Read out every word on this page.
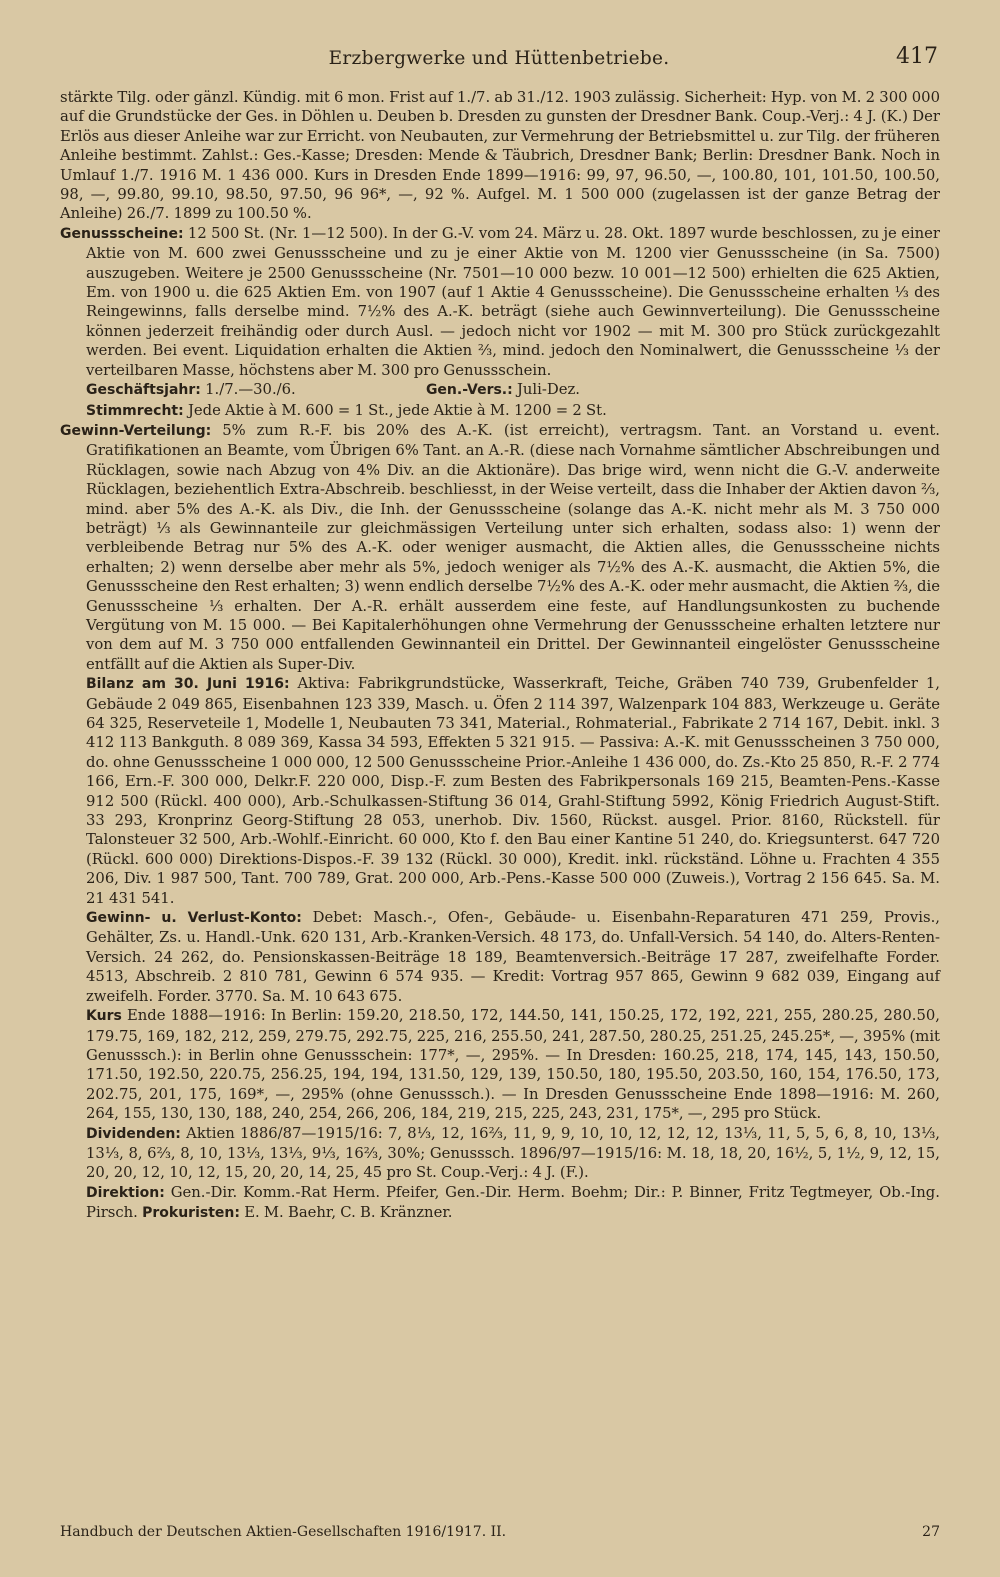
Erzbergwerke und Hüttenbetriebe.	417

stärkte Tilg. oder gänzl. Kündig. mit 6 mon. Frist auf 1./7. ab 31./12. 1903 zulässig. Sicherheit: Hyp. von M. 2 300 000 auf die Grundstücke der Ges. in Döhlen u. Deuben b. Dresden zu gunsten der Dresdner Bank. Coup.-Verj.: 4 J. (K.) Der Erlös aus dieser Anleihe war zur Erricht. von Neubauten, zur Vermehrung der Betriebsmittel u. zur Tilg. der früheren Anleihe bestimmt. Zahlst.: Ges.-Kasse; Dresden: Mende & Täubrich, Dresdner Bank; Berlin: Dresdner Bank. Noch in Umlauf 1./7. 1916 M. 1 436 000. Kurs in Dresden Ende 1899—1916: 99, 97, 96.50, —, 100.80, 101, 101.50, 100.50, 98, —, 99.80, 99.10, 98.50, 97.50, 96 96*, —, 92 %. Aufgel. M. 1 500 000 (zugelassen ist der ganze Betrag der Anleihe) 26./7. 1899 zu 100.50 %.

Genussscheine: 12 500 St. (Nr. 1—12 500). In der G.-V. vom 24. März u. 28. Okt. 1897 wurde beschlossen, zu je einer Aktie von M. 600 zwei Genussscheine und zu je einer Aktie von M. 1200 vier Genussscheine (in Sa. 7500) auszugeben. Weitere je 2500 Genussscheine (Nr. 7501—10 000 bezw. 10 001—12 500) erhielten die 625 Aktien, Em. von 1900 u. die 625 Aktien Em. von 1907 (auf 1 Aktie 4 Genussscheine). Die Genussscheine erhalten ⅓ des Reingewinns, falls derselbe mind. 7½% des A.-K. beträgt (siehe auch Gewinnverteilung). Die Genussscheine können jederzeit freihändig oder durch Ausl. — jedoch nicht vor 1902 — mit M. 300 pro Stück zurückgezahlt werden. Bei event. Liquidation erhalten die Aktien ⅔, mind. jedoch den Nominalwert, die Genussscheine ⅓ der verteilbaren Masse, höchstens aber M. 300 pro Genussschein.

Geschäftsjahr: 1./7.—30./6.	Gen.-Vers.: Juli-Dez.

Stimmrecht: Jede Aktie à M. 600 = 1 St., jede Aktie à M. 1200 = 2 St.

Gewinn-Verteilung: 5% zum R.-F. bis 20% des A.-K. (ist erreicht), vertragsm. Tant. an Vorstand u. event. Gratifikationen an Beamte, vom Übrigen 6% Tant. an A.-R. (diese nach Vornahme sämtlicher Abschreibungen und Rücklagen, sowie nach Abzug von 4% Div. an die Aktionäre). Das brige wird, wenn nicht die G.-V. anderweite Rücklagen, beziehentlich Extra-Abschreib. beschliesst, in der Weise verteilt, dass die Inhaber der Aktien davon ⅔, mind. aber 5% des A.-K. als Div., die Inh. der Genussscheine (solange das A.-K. nicht mehr als M. 3 750 000 beträgt) ⅓ als Gewinnanteile zur gleichmässigen Verteilung unter sich erhalten, sodass also: 1) wenn der verbleibende Betrag nur 5% des A.-K. oder weniger ausmacht, die Aktien alles, die Genussscheine nichts erhalten; 2) wenn derselbe aber mehr als 5%, jedoch weniger als 7½% des A.-K. ausmacht, die Aktien 5%, die Genussscheine den Rest erhalten; 3) wenn endlich derselbe 7½% des A.-K. oder mehr ausmacht, die Aktien ⅔, die Genussscheine ⅓ erhalten. Der A.-R. erhält ausserdem eine feste, auf Handlungsunkosten zu buchende Vergütung von M. 15 000. — Bei Kapitalerhöhungen ohne Vermehrung der Genussscheine erhalten letztere nur von dem auf M. 3 750 000 entfallenden Gewinnanteil ein Drittel. Der Gewinnanteil eingelöster Genussscheine entfällt auf die Aktien als Super-Div.

Bilanz am 30. Juni 1916: Aktiva: Fabrikgrundstücke, Wasserkraft, Teiche, Gräben 740 739, Grubenfelder 1, Gebäude 2 049 865, Eisenbahnen 123 339, Masch. u. Öfen 2 114 397, Walzenpark 104 883, Werkzeuge u. Geräte 64 325, Reserveteile 1, Modelle 1, Neubauten 73 341, Material., Rohmaterial., Fabrikate 2 714 167, Debit. inkl. 3 412 113 Bankguth. 8 089 369, Kassa 34 593, Effekten 5 321 915. — Passiva: A.-K. mit Genussscheinen 3 750 000, do. ohne Genussscheine 1 000 000, 12 500 Genussscheine Prior.-Anleihe 1 436 000, do. Zs.-Kto 25 850, R.-F. 2 774 166, Ern.-F. 300 000, Delkr.F. 220 000, Disp.-F. zum Besten des Fabrikpersonals 169 215, Beamten-Pens.-Kasse 912 500 (Rückl. 400 000), Arb.-Schulkassen-Stiftung 36 014, Grahl-Stiftung 5992, König Friedrich August-Stift. 33 293, Kronprinz Georg-Stiftung 28 053, unerhob. Div. 1560, Rückst. ausgel. Prior. 8160, Rückstell. für Talonsteuer 32 500, Arb.-Wohlf.-Einricht. 60 000, Kto f. den Bau einer Kantine 51 240, do. Kriegsunterst. 647 720 (Rückl. 600 000) Direktions-Dispos.-F. 39 132 (Rückl. 30 000), Kredit. inkl. rückständ. Löhne u. Frachten 4 355 206, Div. 1 987 500, Tant. 700 789, Grat. 200 000, Arb.-Pens.-Kasse 500 000 (Zuweis.), Vortrag 2 156 645. Sa. M. 21 431 541.

Gewinn- u. Verlust-Konto: Debet: Masch.-, Ofen-, Gebäude- u. Eisenbahn-Reparaturen 471 259, Provis., Gehälter, Zs. u. Handl.-Unk. 620 131, Arb.-Kranken-Versich. 48 173, do. Unfall-Versich. 54 140, do. Alters-Renten-Versich. 24 262, do. Pensionskassen-Beiträge 18 189, Beamtenversich.-Beiträge 17 287, zweifelhafte Forder. 4513, Abschreib. 2 810 781, Gewinn 6 574 935. — Kredit: Vortrag 957 865, Gewinn 9 682 039, Eingang auf zweifelh. Forder. 3770. Sa. M. 10 643 675.

Kurs Ende 1888—1916: In Berlin: 159.20, 218.50, 172, 144.50, 141, 150.25, 172, 192, 221, 255, 280.25, 280.50, 179.75, 169, 182, 212, 259, 279.75, 292.75, 225, 216, 255.50, 241, 287.50, 280.25, 251.25, 245.25*, —, 395% (mit Genusssch.): in Berlin ohne Genussschein: 177*, —, 295%. — In Dresden: 160.25, 218, 174, 145, 143, 150.50, 171.50, 192.50, 220.75, 256.25, 194, 194, 131.50, 129, 139, 150.50, 180, 195.50, 203.50, 160, 154, 176.50, 173, 202.75, 201, 175, 169*, —, 295% (ohne Genusssch.). — In Dresden Genussscheine Ende 1898—1916: M. 260, 264, 155, 130, 130, 188, 240, 254, 266, 206, 184, 219, 215, 225, 243, 231, 175*, —, 295 pro Stück.

Dividenden: Aktien 1886/87—1915/16: 7, 8⅓, 12, 16⅔, 11, 9, 9, 10, 10, 12, 12, 12, 13⅓, 11, 5, 5, 6, 8, 10, 13⅓, 13⅓, 8, 6⅔, 8, 10, 13⅓, 13⅓, 9⅓, 16⅔, 30%; Genusssch. 1896/97—1915/16: M. 18, 18, 20, 16½, 5, 1½, 9, 12, 15, 20, 20, 12, 10, 12, 15, 20, 20, 14, 25, 45 pro St. Coup.-Verj.: 4 J. (F.).

Direktion: Gen.-Dir. Komm.-Rat Herm. Pfeifer, Gen.-Dir. Herm. Boehm; Dir.: P. Binner, Fritz Tegtmeyer, Ob.-Ing. Pirsch. Prokuristen: E. M. Baehr, C. B. Kränzner.

Handbuch der Deutschen Aktien-Gesellschaften 1916/1917. II.	27
